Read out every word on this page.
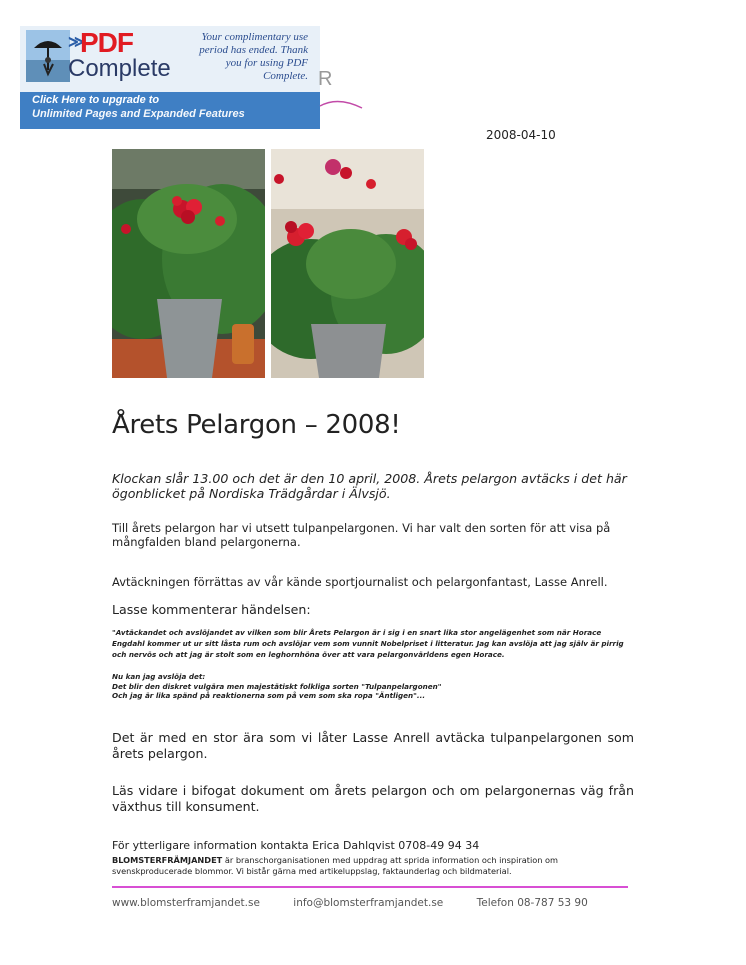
≫
PDF
Complete
Your complimentary use period has ended. Thank you for using PDF Complete.
Click Here to upgrade to
Unlimited Pages and Expanded Features
R
2008-04-10
Årets Pelargon – 2008!
Klockan slår 13.00 och det är den 10 april, 2008. Årets pelargon avtäcks i det här ögonblicket på Nordiska Trädgårdar i Älvsjö.
Till årets pelargon har vi utsett tulpanpelargonen. Vi har valt den sorten för att visa på mångfalden bland pelargonerna.
Avtäckningen förrättas av vår kände sportjournalist och pelargonfantast, Lasse Anrell.
Lasse kommenterar händelsen:
"Avtäckandet och avslöjandet av vilken som blir Årets Pelargon är i sig i en snart lika stor angelägenhet som när Horace Engdahl kommer ut ur sitt låsta rum och avslöjar vem som vunnit Nobelpriset i litteratur. Jag kan avslöja att jag själv är pirrig och nervös och att jag är stolt som en leghornhöna över att vara pelargonvärldens egen Horace.
Nu kan jag avslöja det:
Det blir den diskret vulgära men majestätiskt folkliga sorten "Tulpanpelargonen"
Och jag är lika spänd på reaktionerna som på vem som ska ropa "Äntligen"...
Det är med en stor ära som vi låter Lasse Anrell avtäcka tulpanpelargonen som årets pelargon.
Läs vidare i bifogat dokument om årets pelargon och om pelargonernas väg från växthus till konsument.
För ytterligare information kontakta Erica Dahlqvist 0708-49 94 34
BLOMSTERFRÄMJANDET är branschorganisationen med uppdrag att sprida information och inspiration om svenskproducerade blommor. Vi bistår gärna med artikeluppslag, faktaunderlag och bildmaterial.
www.blomsterframjandet.se	info@blomsterframjandet.se	Telefon 08-787 53 90
